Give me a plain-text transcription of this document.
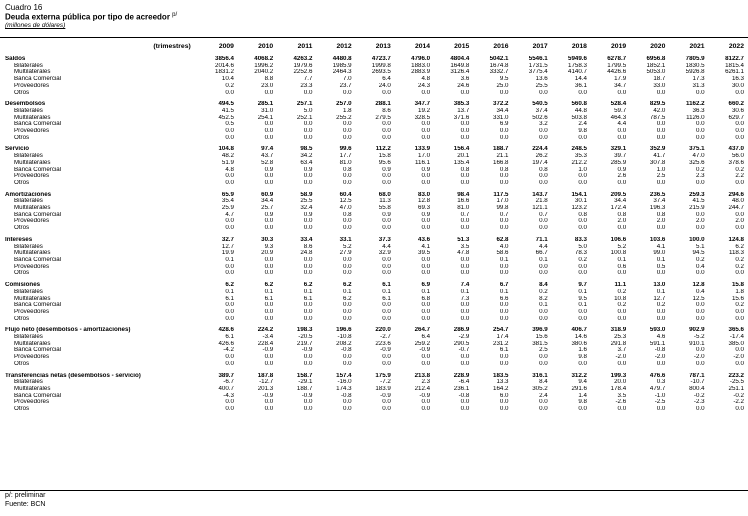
Cuadro 16
Deuda externa pública por tipo de acreedor $^{p/}$
(millones de dólares)
(trimestres)	2009	2010	2011	2012	2013	2014	2015	2016	2017	2018	2019	2020	2021	2022
Saldos	3856.4	4068.2	4263.2	4480.8	4723.7	4796.0	4804.4	5042.1	5546.1	5949.6	6278.7	6956.8	7805.9	8122.7
Bilaterales	2014.6	1996.2	1979.6	1985.9	1999.8	1883.0	1649.8	1674.8	1731.5	1758.3	1799.5	1852.1	1830.5	1815.4
Multilaterales	1831.2	2040.2	2252.6	2464.3	2693.5	2883.9	3126.4	3332.7	3775.4	4140.7	4426.6	5053.0	5926.8	6261.1
Banca Comercial	10.4	8.8	7.7	7.0	6.4	4.8	3.6	9.5	13.6	14.4	17.9	18.7	17.3	16.3
Proveedores	0.2	23.0	23.3	23.7	24.0	24.3	24.6	25.0	25.5	36.1	34.7	33.0	31.3	30.0
Otros	0.0	0.0	0.0	0.0	0.0	0.0	0.0	0.0	0.0	0.0	0.0	0.0	0.0	0.0

Desembolsos	494.5	285.1	257.1	257.0	288.1	347.7	385.3	372.2	540.5	560.8	528.4	829.5	1162.2	660.2
Bilaterales	41.5	31.0	5.0	1.8	8.6	19.2	13.7	34.4	37.4	44.8	59.7	42.0	36.3	30.6
Multilaterales	452.5	254.1	252.1	255.2	279.5	328.5	371.6	331.0	502.6	503.8	464.3	787.5	1126.0	629.7
Banca Comercial	0.5	0.0	0.0	0.0	0.0	0.0	0.0	6.9	3.2	2.4	4.4	0.0	0.0	0.0
Proveedores	0.0	0.0	0.0	0.0	0.0	0.0	0.0	0.0	0.0	9.8	0.0	0.0	0.0	0.0
Otros	0.0	0.0	0.0	0.0	0.0	0.0	0.0	0.0	0.0	0.0	0.0	0.0	0.0	0.0

Servicio	104.8	97.4	98.5	99.6	112.2	133.9	156.4	188.7	224.4	248.5	329.1	352.9	375.1	437.0
Bilaterales	48.2	43.7	34.2	17.7	15.8	17.0	20.1	21.1	26.2	35.3	39.7	41.7	47.0	56.0
Multilaterales	51.9	52.8	63.4	81.0	95.6	116.1	135.4	166.8	197.4	212.2	285.9	307.8	325.6	378.6
Banca Comercial	4.8	0.9	0.9	0.8	0.9	0.9	0.8	0.8	0.8	1.0	0.9	1.0	0.2	0.2
Proveedores	0.0	0.0	0.0	0.0	0.0	0.0	0.0	0.0	0.0	0.0	2.6	2.5	2.3	2.2
Otros	0.0	0.0	0.0	0.0	0.0	0.0	0.0	0.0	0.0	0.0	0.0	0.0	0.0	0.0

Amortizaciones	65.9	60.9	58.9	60.4	68.0	83.0	98.4	117.5	143.7	154.1	209.5	236.5	259.3	294.6
Bilaterales	35.4	34.4	25.5	12.5	11.3	12.8	16.6	17.0	21.8	30.1	34.4	37.4	41.5	48.0
Multilaterales	25.9	25.7	32.4	47.0	55.8	69.3	81.0	99.8	121.1	123.2	172.4	196.3	215.9	244.7
Banca Comercial	4.7	0.9	0.9	0.8	0.9	0.9	0.7	0.7	0.7	0.8	0.8	0.8	0.0	0.0
Proveedores	0.0	0.0	0.0	0.0	0.0	0.0	0.0	0.0	0.0	0.0	2.0	2.0	2.0	2.0
Otros	0.0	0.0	0.0	0.0	0.0	0.0	0.0	0.0	0.0	0.0	0.0	0.0	0.0	0.0

Intereses	32.7	30.3	33.4	33.1	37.3	43.6	51.3	62.8	71.1	83.3	106.6	103.6	100.0	124.8
Bilaterales	12.7	9.3	8.6	5.2	4.4	4.1	3.5	4.0	4.4	5.0	5.2	4.1	5.1	6.2
Multilaterales	19.9	20.9	24.8	27.9	32.9	39.5	47.8	58.6	66.7	78.3	100.8	99.0	94.5	118.3
Banca Comercial	0.1	0.0	0.0	0.0	0.0	0.0	0.0	0.1	0.1	0.2	0.1	0.1	0.2	0.2
Proveedores	0.0	0.0	0.0	0.0	0.0	0.0	0.0	0.0	0.0	0.0	0.6	0.5	0.4	0.2
Otros	0.0	0.0	0.0	0.0	0.0	0.0	0.0	0.0	0.0	0.0	0.0	0.0	0.0	0.0

Comisiones	6.2	6.2	6.2	6.2	6.1	6.9	7.4	6.7	8.4	9.7	11.1	13.0	12.8	15.8
Bilaterales	0.1	0.1	0.1	0.1	0.1	0.1	0.1	0.1	0.2	0.1	0.2	0.1	0.4	1.8
Multilaterales	6.1	6.1	6.1	6.2	6.1	6.8	7.3	6.6	8.2	9.5	10.8	12.7	12.5	15.6
Banca Comercial	0.0	0.0	0.0	0.0	0.0	0.0	0.0	0.0	0.1	0.1	0.2	0.2	0.0	0.2
Proveedores	0.0	0.0	0.0	0.0	0.0	0.0	0.0	0.0	0.0	0.0	0.0	0.0	0.0	0.0
Otros	0.0	0.0	0.0	0.0	0.0	0.0	0.0	0.0	0.0	0.0	0.0	0.0	0.0	0.0

Flujo neto (desembolsos - amortizaciones)	428.6	224.2	198.3	196.6	220.0	264.7	286.9	254.7	396.9	406.7	318.9	593.0	902.9	365.6
Bilaterales	6.1	-3.4	-20.5	-10.8	-2.7	6.4	-2.9	17.4	15.6	14.6	25.3	4.6	-5.2	-17.4
Multilaterales	426.6	228.4	219.7	208.2	223.6	259.2	290.5	231.2	381.5	380.6	291.8	591.1	910.1	385.0
Banca Comercial	-4.2	-0.9	-0.9	-0.8	-0.9	-0.9	-0.7	6.1	2.5	1.6	3.7	-0.8	0.0	0.0
Proveedores	0.0	0.0	0.0	0.0	0.0	0.0	0.0	0.0	0.0	9.8	-2.0	-2.0	-2.0	-2.0
Otros	0.0	0.0	0.0	0.0	0.0	0.0	0.0	0.0	0.0	0.0	0.0	0.0	0.0	0.0

Transferencias netas (desembolsos - servicio)	389.7	187.8	158.7	157.4	175.9	213.8	228.9	183.5	316.1	312.2	199.3	476.6	787.1	223.2
Bilaterales	-6.7	-12.7	-29.1	-16.0	-7.2	2.3	-6.4	13.3	8.4	9.4	20.0	0.3	-10.7	-25.5
Multilaterales	400.7	201.3	188.7	174.3	183.9	212.4	236.1	164.2	305.2	291.6	178.4	479.7	800.4	251.1
Banca Comercial	-4.3	-0.9	-0.9	-0.8	-0.9	-0.9	-0.8	6.0	2.4	1.4	3.5	-1.0	-0.2	-0.2
Proveedores	0.0	0.0	0.0	0.0	0.0	0.0	0.0	0.0	0.0	9.8	-2.6	-2.5	-2.3	-2.2
Otros	0.0	0.0	0.0	0.0	0.0	0.0	0.0	0.0	0.0	0.0	0.0	0.0	0.0	0.0
p/: preliminar
Fuente: BCN
